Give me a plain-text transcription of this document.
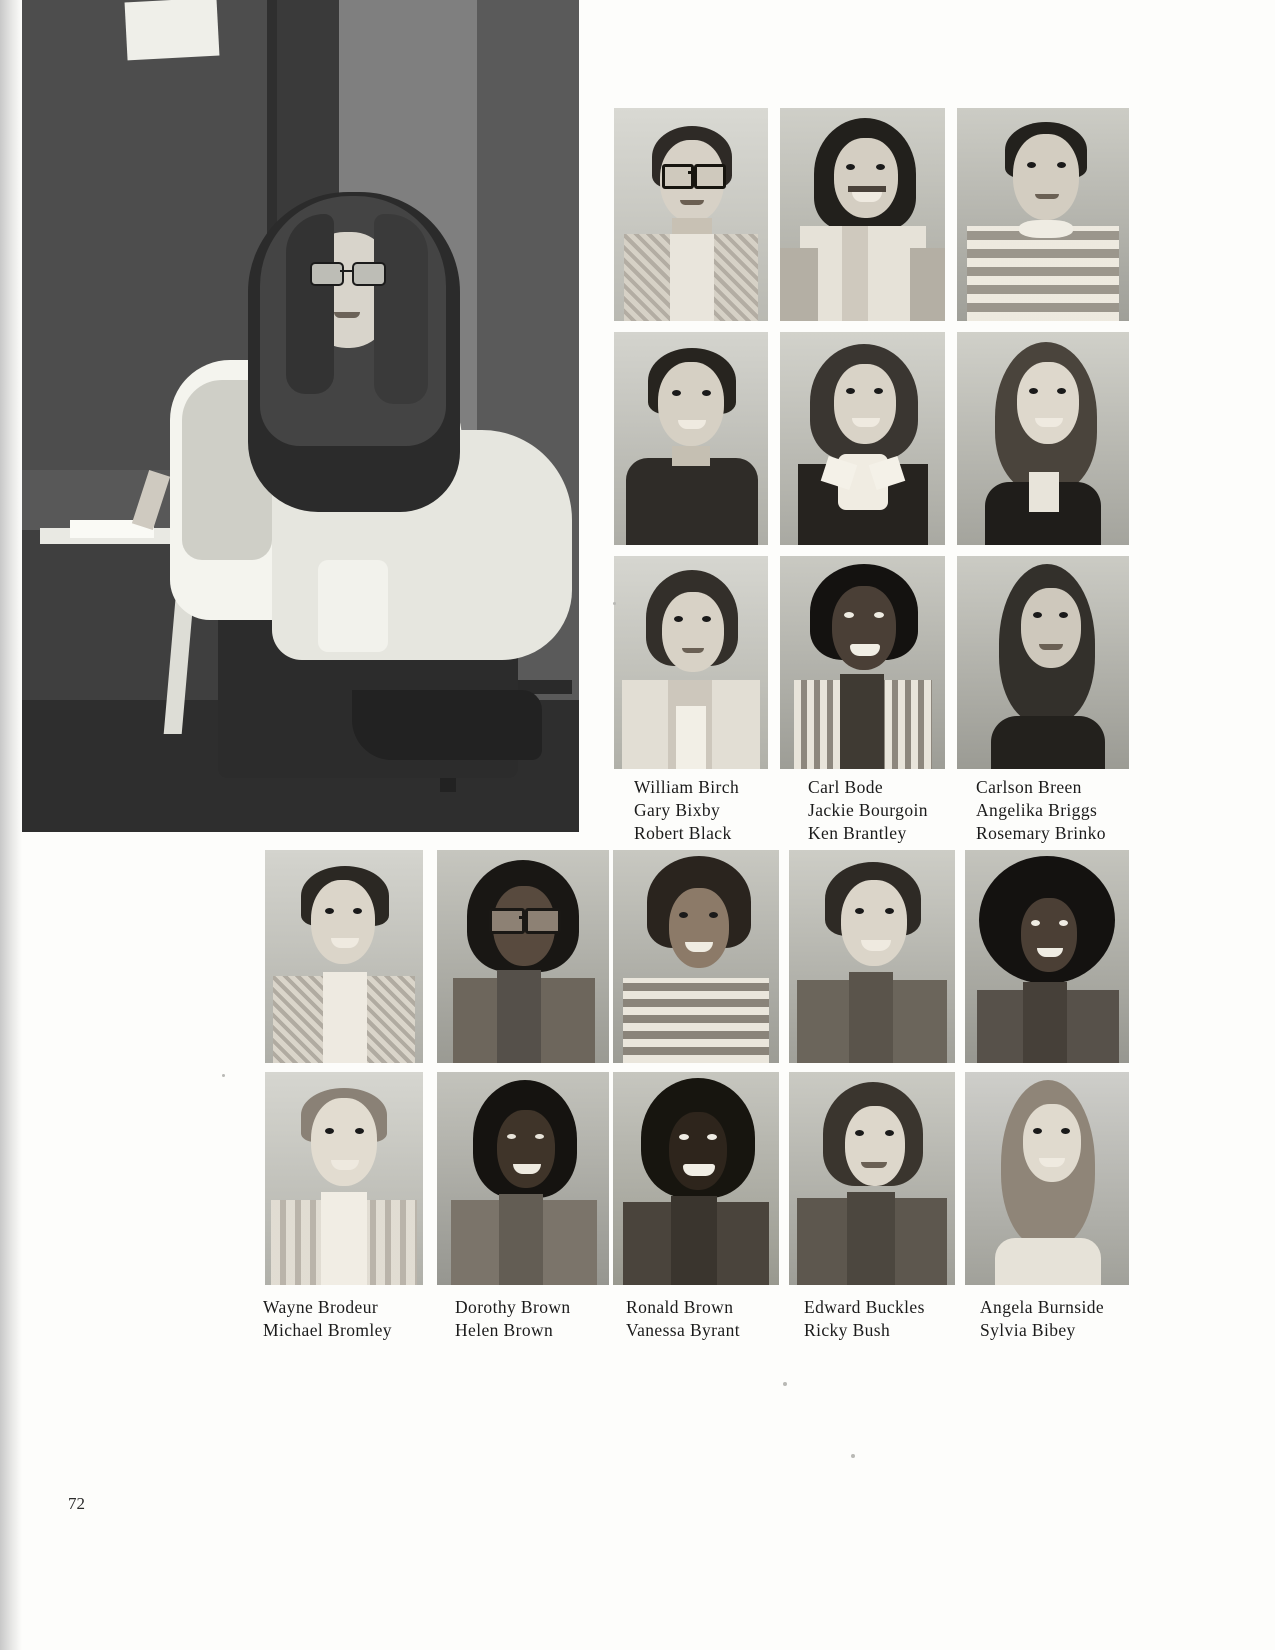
William Birch
Gary Bixby
Robert Black
Carl Bode
Jackie Bourgoin
Ken Brantley
Carlson Breen
Angelika Briggs
Rosemary Brinko
Wayne Brodeur
Michael Bromley
Dorothy Brown
Helen Brown
Ronald Brown
Vanessa Byrant
Edward Buckles
Ricky Bush
Angela Burnside
Sylvia Bibey
72
